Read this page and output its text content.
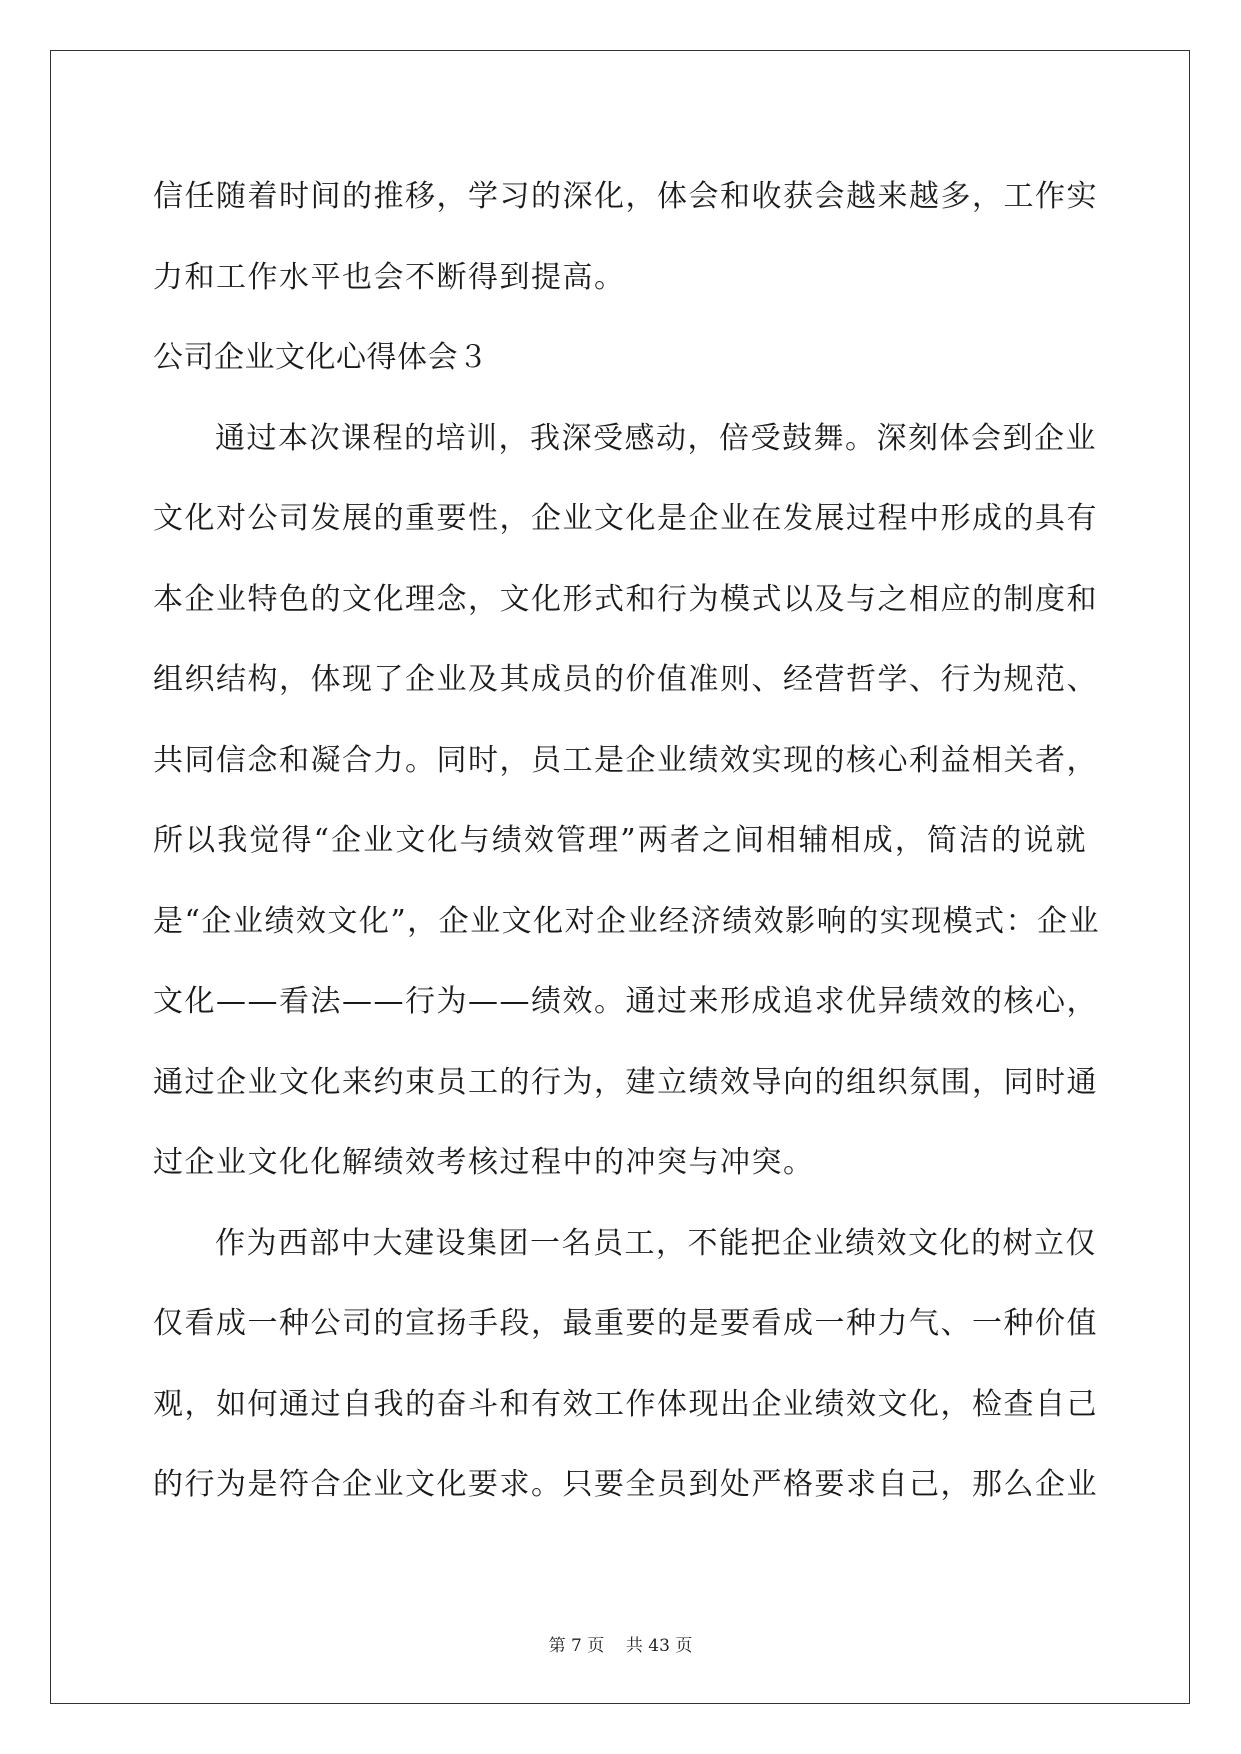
信任随着时间的推移，学习的深化，体会和收获会越来越多，工作实
力和工作水平也会不断得到提高。
公司企业文化心得体会３
通过本次课程的培训，我深受感动，倍受鼓舞。深刻体会到企业
文化对公司发展的重要性，企业文化是企业在发展过程中形成的具有
本企业特色的文化理念，文化形式和行为模式以及与之相应的制度和
组织结构，体现了企业及其成员的价值准则、经营哲学、行为规范、
共同信念和凝合力。同时，员工是企业绩效实现的核心利益相关者，
所以我觉得“企业文化与绩效管理”两者之间相辅相成，简洁的说就
是“企业绩效文化”，企业文化对企业经济绩效影响的实现模式：企业
文化——看法——行为——绩效。通过来形成追求优异绩效的核心，
通过企业文化来约束员工的行为，建立绩效导向的组织氛围，同时通
过企业文化化解绩效考核过程中的冲突与冲突。
作为西部中大建设集团一名员工，不能把企业绩效文化的树立仅
仅看成一种公司的宣扬手段，最重要的是要看成一种力气、一种价值
观，如何通过自我的奋斗和有效工作体现出企业绩效文化，检查自己
的行为是符合企业文化要求。只要全员到处严格要求自己，那么企业
第 7 页    共 43 页
